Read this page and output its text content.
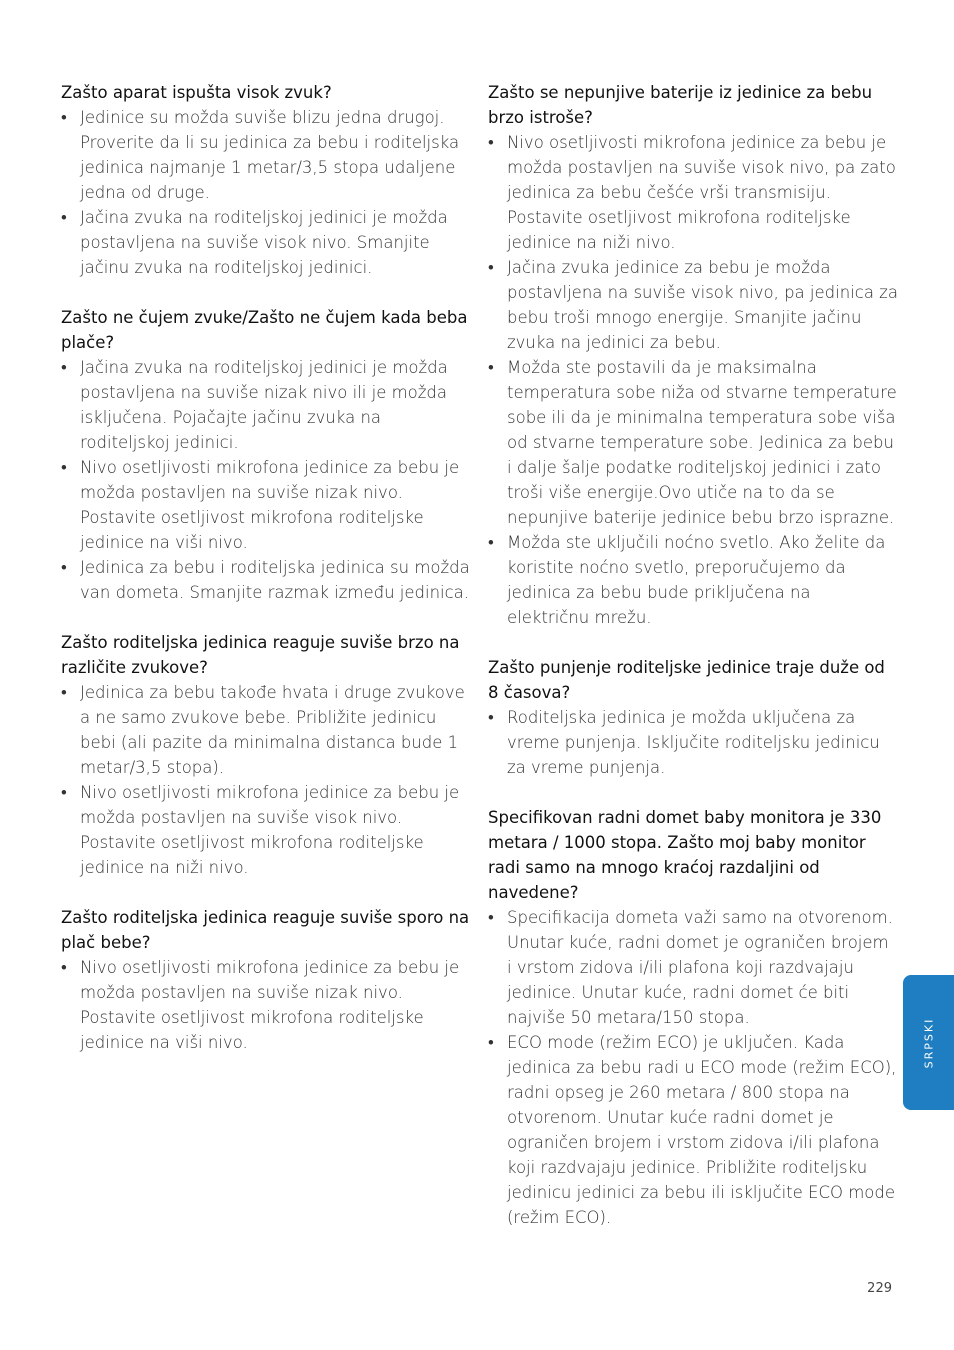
Zašto aparat ispušta visok zvuk?

• Jedinice su možda suviše blizu jedna drugoj. Proverite da li su jedinica za bebu i roditeljska jedinica najmanje 1 metar/3,5 stopa udaljene jedna od druge.
• Jačina zvuka na roditeljskoj jedinici je možda postavljena na suviše visok nivo. Smanjite jačinu zvuka na roditeljskoj jedinici.

Zašto ne čujem zvuke/Zašto ne čujem kada beba plače?

• Jačina zvuka na roditeljskoj jedinici je možda postavljena na suviše nizak nivo ili je možda isključena. Pojačajte jačinu zvuka na roditeljskoj jedinici.
• Nivo osetljivosti mikrofona jedinice za bebu je možda postavljen na suviše nizak nivo. Postavite osetljivost mikrofona roditeljske jedinice na viši nivo.
• Jedinica za bebu i roditeljska jedinica su možda van dometa. Smanjite razmak između jedinica.

Zašto roditeljska jedinica reaguje suviše brzo na različite zvukove?

• Jedinica za bebu takođe hvata i druge zvukove a ne samo zvukove bebe. Približite jedinicu bebi (ali pazite da minimalna distanca bude 1 metar/3,5 stopa).
• Nivo osetljivosti mikrofona jedinice za bebu je možda postavljen na suviše visok nivo. Postavite osetljivost mikrofona roditeljske jedinice na niži nivo.

Zašto roditeljska jedinica reaguje suviše sporo na plač bebe?

• Nivo osetljivosti mikrofona jedinice za bebu je možda postavljen na suviše nizak nivo. Postavite osetljivost mikrofona roditeljske jedinice na viši nivo.

Zašto se nepunjive baterije iz jedinice za bebu brzo istroše?

• Nivo osetljivosti mikrofona jedinice za bebu je možda postavljen na suviše visok nivo, pa zato jedinica za bebu češće vrši transmisiju. Postavite osetljivost mikrofona roditeljske jedinice na niži nivo.
• Jačina zvuka jedinice za bebu je možda postavljena na suviše visok nivo, pa jedinica za bebu troši mnogo energije. Smanjite jačinu zvuka na jedinici za bebu.
• Možda ste postavili da je maksimalna temperatura sobe niža od stvarne temperature sobe ili da je minimalna temperatura sobe viša od stvarne temperature sobe. Jedinica za bebu i dalje šalje podatke roditeljskoj jedinici i zato troši više energije.Ovo utiče na to da se nepunjive baterije jedinice bebu brzo isprazne.
• Možda ste uključili noćno svetlo. Ako želite da koristite noćno svetlo, preporučujemo da jedinica za bebu bude priključena na električnu mrežu.

Zašto punjenje roditeljske jedinice traje duže od 8 časova?

• Roditeljska jedinica je možda uključena za vreme punjenja. Isključite roditeljsku jedinicu za vreme punjenja.

Specifikovan radni domet baby monitora je 330 metara / 1000 stopa. Zašto moj baby monitor radi samo na mnogo kraćoj razdaljini od navedene?

• Specifikacija dometa važi samo na otvorenom. Unutar kuće, radni domet je ograničen brojem i vrstom zidova i/ili plafona koji razdvajaju jedinice. Unutar kuće, radni domet će biti najviše 50 metara/150 stopa.
• ECO mode (režim ECO) je uključen. Kada jedinica za bebu radi u ECO mode (režim ECO), radni opseg je 260 metara / 800 stopa na otvorenom. Unutar kuće radni domet je ograničen brojem i vrstom zidova i/ili plafona koji razdvajaju jedinice. Približite roditeljsku jedinicu jedinici za bebu ili isključite ECO mode (režim ECO).
SRPSKI
229
